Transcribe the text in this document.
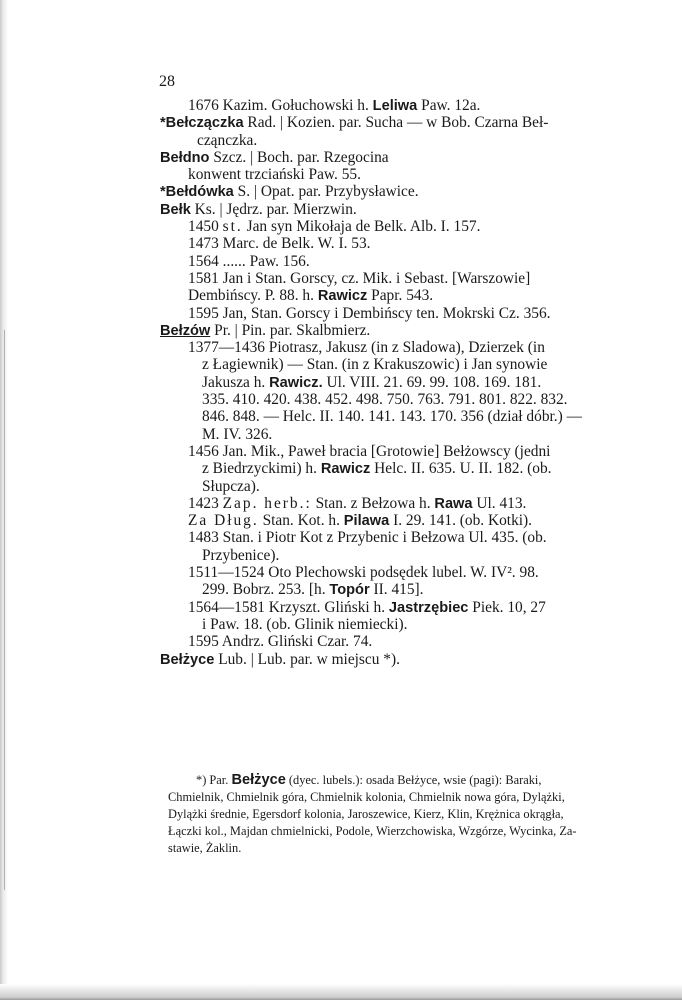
28
1676 Kazim. Gołuchowski h. Leliwa Paw. 12a.
*Bełczączka Rad. | Kozien. par. Sucha — w Bob. Czarna Beł-
cząnczka.
Bełdno Szcz. | Boch. par. Rzegocina
konwent trzciański Paw. 55.
*Bełdówka S. | Opat. par. Przybysławice.
Bełk Ks. | Jędrz. par. Mierzwin.
1450 st. Jan syn Mikołaja de Belk. Alb. I. 157.
1473 Marc. de Belk. W. I. 53.
1564 ...... Paw. 156.
1581 Jan i Stan. Gorscy, cz. Mik. i Sebast. [Warszowie]
Dembińscy. P. 88. h. Rawicz Papr. 543.
1595 Jan, Stan. Gorscy i Dembińscy ten. Mokrski Cz. 356.
Bełzów Pr. | Pin. par. Skalbmierz.
1377—1436 Piotrasz, Jakusz (in z Sladowa), Dzierzek (in
z Łagiewnik) — Stan. (in z Krakuszowic) i Jan synowie
Jakusza h. Rawicz. Ul. VIII. 21. 69. 99. 108. 169. 181.
335. 410. 420. 438. 452. 498. 750. 763. 791. 801. 822. 832.
846. 848. — Helc. II. 140. 141. 143. 170. 356 (dział dóbr.) —
M. IV. 326.
1456 Jan. Mik., Paweł bracia [Grotowie] Bełżowscy (jedni
z Biedrzyckimi) h. Rawicz Helc. II. 635. U. II. 182. (ob.
Słupcza).
1423 Zap. herb.: Stan. z Bełzowa h. Rawa Ul. 413.
Za Dług. Stan. Kot. h. Pilawa I. 29. 141. (ob. Kotki).
1483 Stan. i Piotr Kot z Przybenic i Bełzowa Ul. 435. (ob.
Przybenice).
1511—1524 Oto Plechowski podsędek lubel. W. IV². 98.
299. Bobrz. 253. [h. Topór II. 415].
1564—1581 Krzyszt. Gliński h. Jastrzębiec Piek. 10, 27
i Paw. 18. (ob. Glinik niemiecki).
1595 Andrz. Gliński Czar. 74.
Bełżyce Lub. | Lub. par. w miejscu *).
*) Par. Bełżyce (dyec. lubels.): osada Bełżyce, wsie (pagi): Baraki,
Chmielnik, Chmielnik góra, Chmielnik kolonia, Chmielnik nowa góra, Dylążki,
Dylążki średnie, Egersdorf kolonia, Jaroszewice, Kierz, Klin, Krężnica okrągła,
Łączki kol., Majdan chmielnicki, Podole, Wierzchowiska, Wzgórze, Wycinka, Za-
stawie, Żaklin.
